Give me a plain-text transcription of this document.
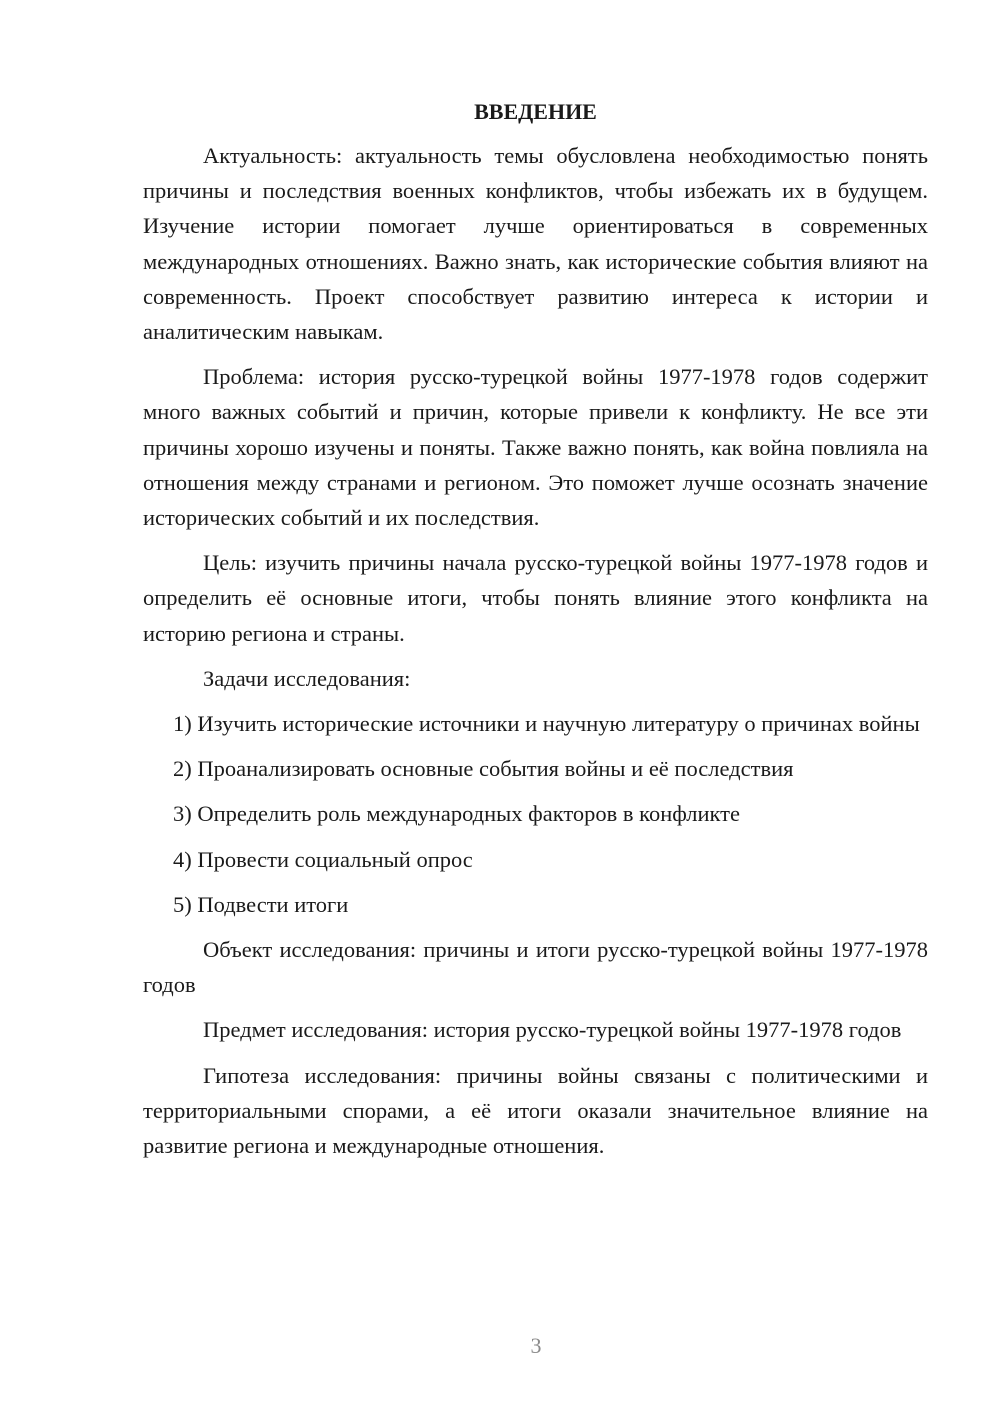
ВВЕДЕНИЕ

Актуальность: актуальность темы обусловлена необходимостью понять причины и последствия военных конфликтов, чтобы избежать их в будущем. Изучение истории помогает лучше ориентироваться в современных международных отношениях. Важно знать, как исторические события влияют на современность. Проект способствует развитию интереса к истории и аналитическим навыкам.

Проблема: история русско-турецкой войны 1977-1978 годов содержит много важных событий и причин, которые привели к конфликту. Не все эти причины хорошо изучены и поняты. Также важно понять, как война повлияла на отношения между странами и регионом. Это поможет лучше осознать значение исторических событий и их последствия.

Цель: изучить причины начала русско-турецкой войны 1977-1978 годов и определить её основные итоги, чтобы понять влияние этого конфликта на историю региона и страны.

Задачи исследования:

1) Изучить исторические источники и научную литературу о причинах войны

2) Проанализировать основные события войны и её последствия

3) Определить роль международных факторов в конфликте

4) Провести социальный опрос

5) Подвести итоги

Объект исследования: причины и итоги русско-турецкой войны 1977-1978 годов

Предмет исследования: история русско-турецкой войны 1977-1978 годов

Гипотеза исследования: причины войны связаны с политическими и территориальными спорами, а её итоги оказали значительное влияние на развитие региона и международные отношения.

3
